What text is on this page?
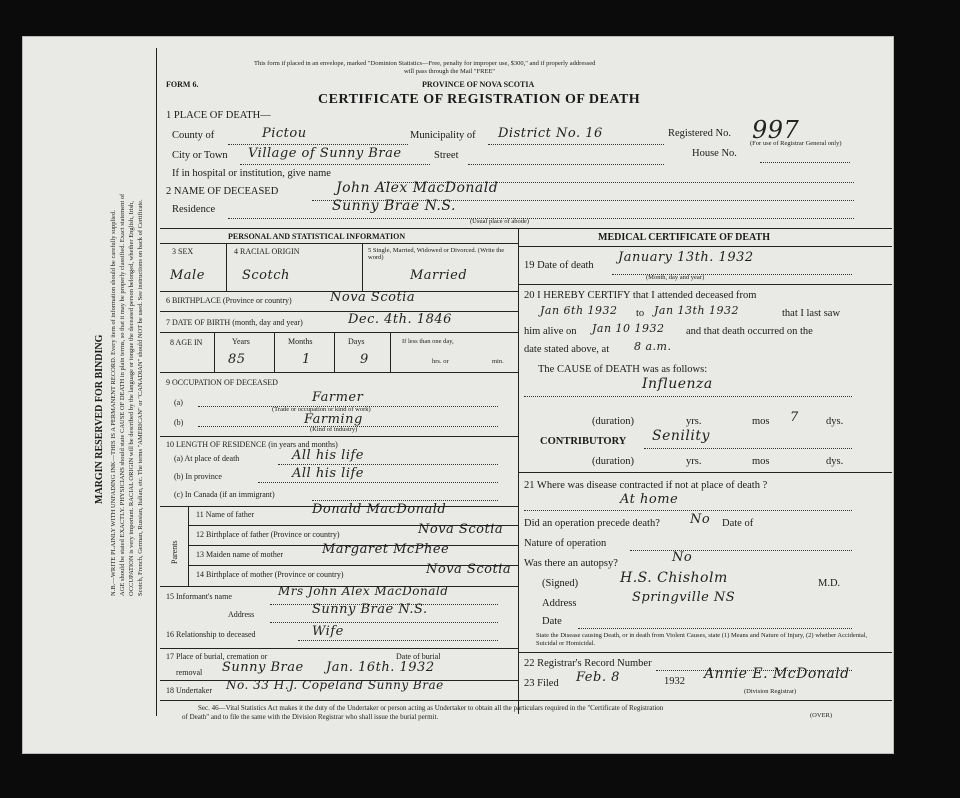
MARGIN RESERVED FOR BINDING N.B.—WRITE PLAINLY WITH UNFADING INK—THIS IS A PERMANENT RECORD. Every item of information should be carefully supplied. AGE should be stated EXACTLY. PHYSICIANS should state CAUSE OF DEATH in plain terms, so that it may be properly classified. Exact statement of OCCUPATION is very important. RACIAL ORIGIN will be described by the language or tongue the deceased person belonged, whether English, Irish, Scotch, French, German, Russian, Italian, etc. The terms "AMERICAN" or "CANADIAN" should NOT be used. See instructions on back of Certificate.
This form if placed in an envelope, marked "Dominion Statistics—Free, penalty for improper use, $300," and if properly addressed
will pass through the Mail "FREE"
FORM 6.	PROVINCE OF NOVA SCOTIA
CERTIFICATE OF REGISTRATION OF DEATH
1 PLACE OF DEATH—
County of	Pictou	Municipality of District No. 16	Registered No. 997
(For use of Registrar General only)
City or Town Village of Sunny Brae	Street	House No.
If in hospital or institution, give name
2 NAME OF DECEASED	John Alex MacDonald
Residence	Sunny Brae N.S.
(Usual place of abode)
PERSONAL AND STATISTICAL INFORMATION
3 SEX	4 RACIAL ORIGIN	5 Single, Married, Widowed or Divorced. (Write the word)
Male	Scotch	Married
6 BIRTHPLACE (Province or country)	Nova Scotia
7 DATE OF BIRTH (month, day and year)	Dec. 4th. 1846
8 AGE IN	Years	Months	Days	If less than one day,
hrs. or	min.
85	1	9
9 OCCUPATION OF DECEASED
(a)	Farmer
(Trade or occupation or kind of work)
(b)	Farming
(Kind of industry)
10 LENGTH OF RESIDENCE (in years and months)
(a) At place of death	All his life
(b) In province	All his life
(c) In Canada (if an immigrant)
Parents
11 Name of father	Donald MacDonald
12 Birthplace of father (Province or country)	Nova Scotia
13 Maiden name of mother	Margaret McPhee
14 Birthplace of mother (Province or country)	Nova Scotia
15 Informant's name	Mrs John Alex MacDonald
Address	Sunny Brae N.S.
16 Relationship to deceased	Wife
17 Place of burial, cremation or	Date of burial
removal Sunny Brae Jan. 16th. 1932
18 Undertaker No. 33 H.J. Copeland Sunny Brae
MEDICAL CERTIFICATE OF DEATH
19 Date of death
January 13th. 1932
(Month, day and year)
20 I HEREBY CERTIFY that I attended deceased from
Jan 6th 1932 to Jan 13th 1932	that I last saw
him alive on Jan 10 1932 and that death occurred on the
date stated above, at 8 a.m.
The CAUSE of DEATH was as follows:
Influenza
(duration)	yrs.	mos 7	dys.
CONTRIBUTORY Senility
(duration)	yrs.	mos	dys.
21 Where was disease contracted if not at place of death ?
At home
Did an operation precede death? No Date of
Nature of operation
Was there an autopsy?	No
(Signed)	H.S. Chisholm	M.D.
Address	Springville NS
Date
State the Disease causing Death, or in death from Violent Causes, state (1) Means and Nature of Injury, (2) whether Accidental, Suicidal or Homicidal.
22 Registrar's Record Number
23 Filed Feb. 8	1932 Annie E. McDonald
(Division Registrar)
Sec. 46—Vital Statistics Act makes it the duty of the Undertaker or person acting as Undertaker to obtain all the particulars required in the "Certificate of Registration
of Death" and to file the same with the Division Registrar who shall issue the burial permit.	(OVER)
